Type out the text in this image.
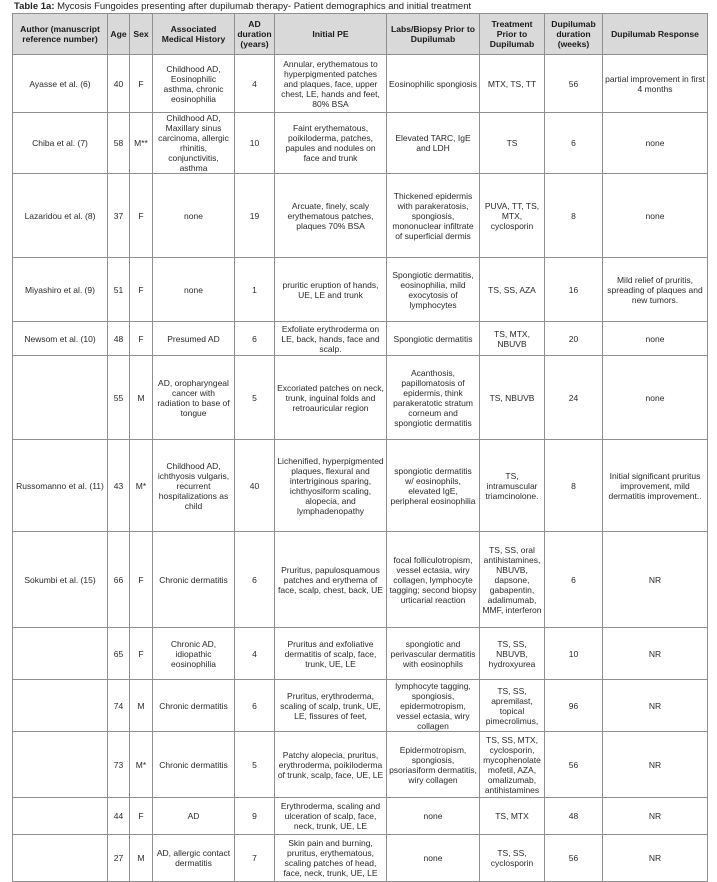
Table 1a: Mycosis Fungoides presenting after dupilumab therapy- Patient demographics and initial treatment
Author (manuscript reference number)	Age	Sex	Associated Medical History	AD duration (years)	Initial PE	Labs/Biopsy Prior to Dupilumab	Treatment Prior to Dupilumab	Dupilumab duration (weeks)	Dupilumab Response
Ayasse et al. (6)	40	F	Childhood AD, Eosinophilic asthma, chronic eosinophilia	4	Annular, erythematous to hyperpigmented patches and plaques, face, upper chest, LE, hands and feet, 80% BSA	Eosinophilic spongiosis	MTX, TS, TT	56	partial improvement in first 4 months
Chiba et al. (7)	58	M**	Childhood AD, Maxillary sinus carcinoma, allergic rhinitis, conjunctivitis, asthma	10	Faint erythematous, poikiloderma, patches, papules and nodules on face and trunk	Elevated TARC, IgE and LDH	TS	6	none
Lazaridou et al. (8)	37	F	none	19	Arcuate, finely, scaly erythematous patches, plaques 70% BSA	Thickened epidermis with parakeratosis, spongiosis, mononuclear infiltrate of superficial dermis	PUVA, TT, TS, MTX, cyclosporin	8	none
Miyashiro et al. (9)	51	F	none	1	pruritic eruption of hands, UE, LE and trunk	Spongiotic dermatitis, eosinophilia, mild exocytosis of lymphocytes	TS, SS, AZA	16	Mild relief of pruritis, spreading of plaques and new tumors.
Newsom et al. (10)	48	F	Presumed AD	6	Exfoliate erythroderma on LE, back, hands, face and scalp.	Spongiotic dermatitis	TS, MTX, NBUVB	20	none
	55	M	AD, oropharyngeal cancer with radiation to base of tongue	5	Excoriated patches on neck, trunk, inguinal folds and retroauricular region	Acanthosis, papillomatosis of epidermis, think parakeratotic stratum corneum and spongiotic dermatitis	TS, NBUVB	24	none
Russomanno et al. (11)	43	M*	Childhood AD, ichthyosis vulgaris, recurrent hospitalizations as child	40	Lichenified, hyperpigmented plaques, flexural and intertriginous sparing, ichthyosiform scaling, alopecia, and lymphadenopathy	spongiotic dermatitis w/ eosinophils, elevated IgE, peripheral eosinophilia	TS, intramuscular triamcinolone.	8	Initial significant pruritus improvement, mild dermatitis improvement..
Sokumbi et al. (15)	66	F	Chronic dermatitis	6	Pruritus, papulosquamous patches and erythema of face, scalp, chest, back, UE	focal folliculotropism, vessel ectasia, wiry collagen, lymphocyte tagging; second biopsy urticarial reaction	TS, SS, oral antihistamines, NBUVB, dapsone, gabapentin, adalimumab, MMF, interferon	6	NR
	65	F	Chronic AD, idiopathic eosinophilia	4	Pruritus and exfoliative dermatitis of scalp, face, trunk, UE, LE	spongiotic and perivascular dermatitis with eosinophils	TS, SS, NBUVB, hydroxyurea	10	NR
	74	M	Chronic dermatitis	6	Pruritus, erythroderma, scaling of scalp, trunk, UE, LE, fissures of feet,	lymphocyte tagging, spongiosis, epidermotropism, vessel ectasia, wiry collagen	TS, SS, apremilast, topical pimecrolimus,	96	NR
	73	M*	Chronic dermatitis	5	Patchy alopecia, pruritus, erythroderma, poikiloderma of trunk, scalp, face, UE, LE	Epidermotropism, spongiosis, psoriasiform dermatitis, wiry collagen	TS, SS, MTX, cyclosporin, mycophenolate mofetil, AZA, omalizumab, antihistamines	56	NR
	44	F	AD	9	Erythroderma, scaling and ulceration of scalp, face, neck, trunk, UE, LE	none	TS, MTX	48	NR
	27	M	AD, allergic contact dermatitis	7	Skin pain and burning, pruritus, erythematous, scaling patches of head, face, neck, trunk, UE, LE	none	TS, SS, cyclosporin	56	NR
